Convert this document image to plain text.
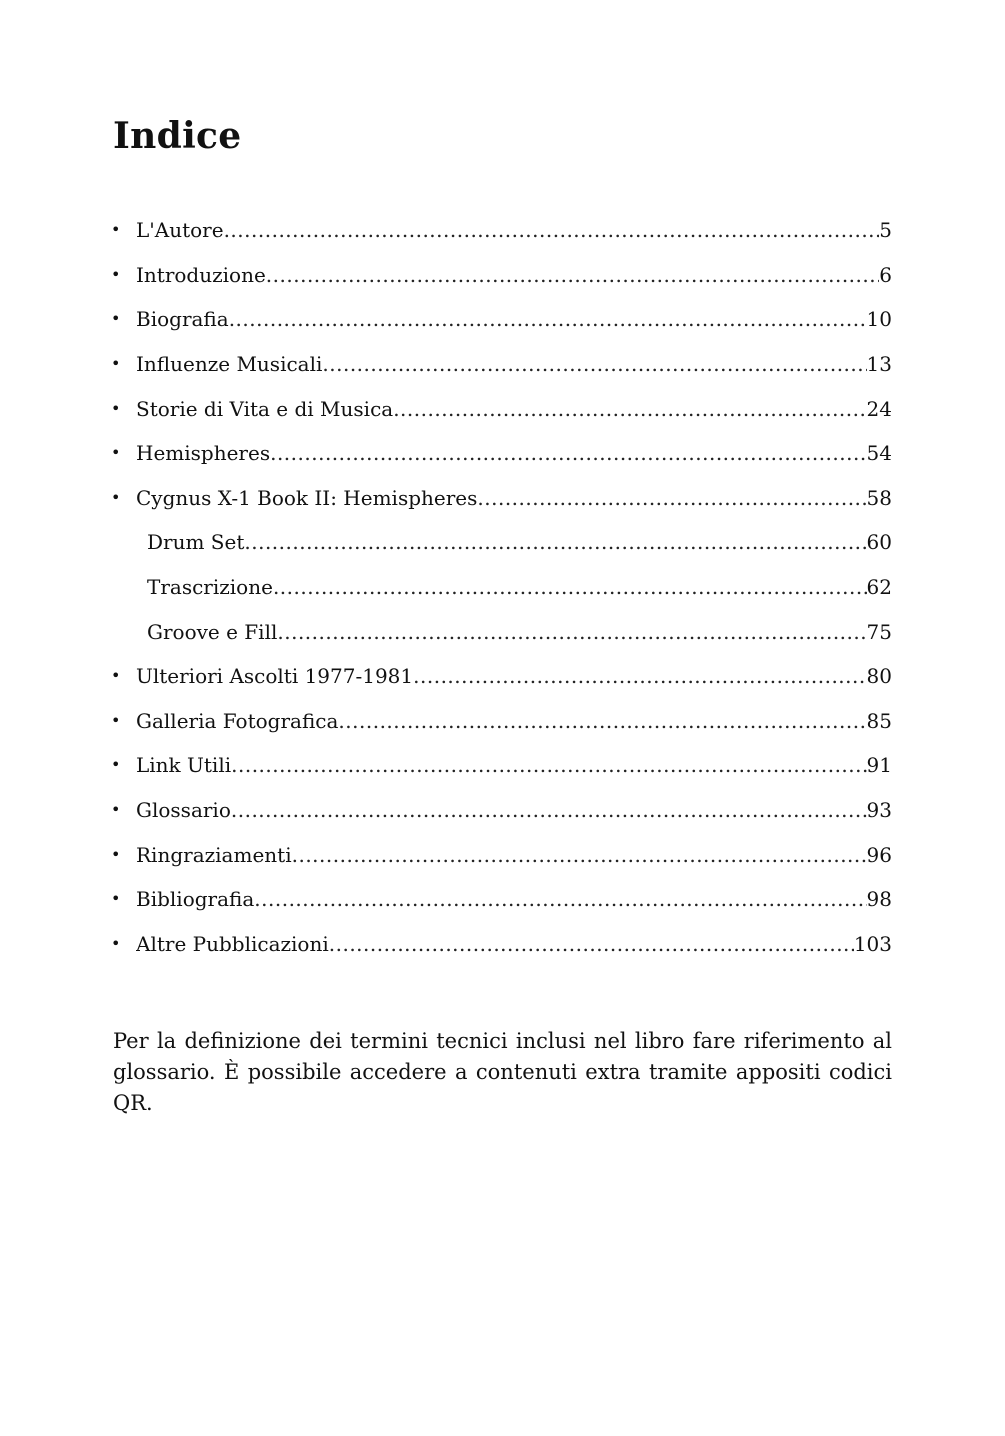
Indice
• L'Autore .....	5
• Introduzione .....	6
• Biografia .....	10
• Influenze Musicali .....	13
• Storie di Vita e di Musica .....	24
• Hemispheres .....	54
• Cygnus X-1 Book II: Hemispheres .....	58
Drum Set .....	60
Trascrizione .....	62
Groove e Fill .....	75
• Ulteriori Ascolti 1977-1981 .....	80
• Galleria Fotografica .....	85
• Link Utili .....	91
• Glossario .....	93
• Ringraziamenti .....	96
• Bibliografia .....	98
• Altre Pubblicazioni .....	103

Per la definizione dei termini tecnici inclusi nel libro fare riferimento al glossario. È possibile accedere a contenuti extra tramite appositi codici QR.
